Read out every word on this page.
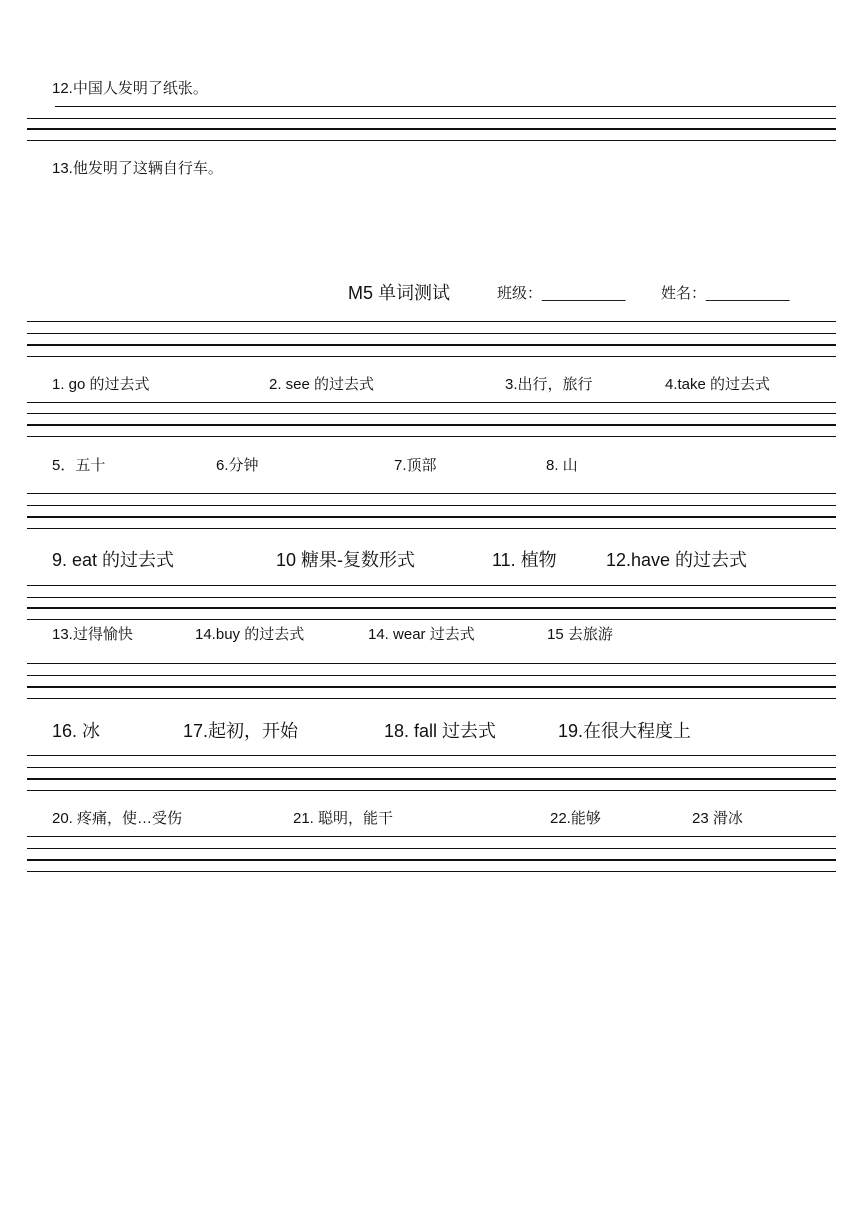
12.中国人发明了纸张。
13.他发明了这辆自行车。
M5 单词测试	班级：__________ 姓名：__________
1. go 的过去式	2. see 的过去式	3.出行，旅行	4.take 的过去式
5．五十	6.分钟	7.顶部	8. 山
9. eat 的过去式	10 糖果-复数形式	11. 植物	12.have 的过去式
13.过得愉快	14.buy 的过去式	14. wear 过去式	15 去旅游
16. 冰	17.起初，开始	18. fall 过去式	19.在很大程度上
20. 疼痛，使…受伤	21. 聪明，能干	22.能够	23 滑冰
